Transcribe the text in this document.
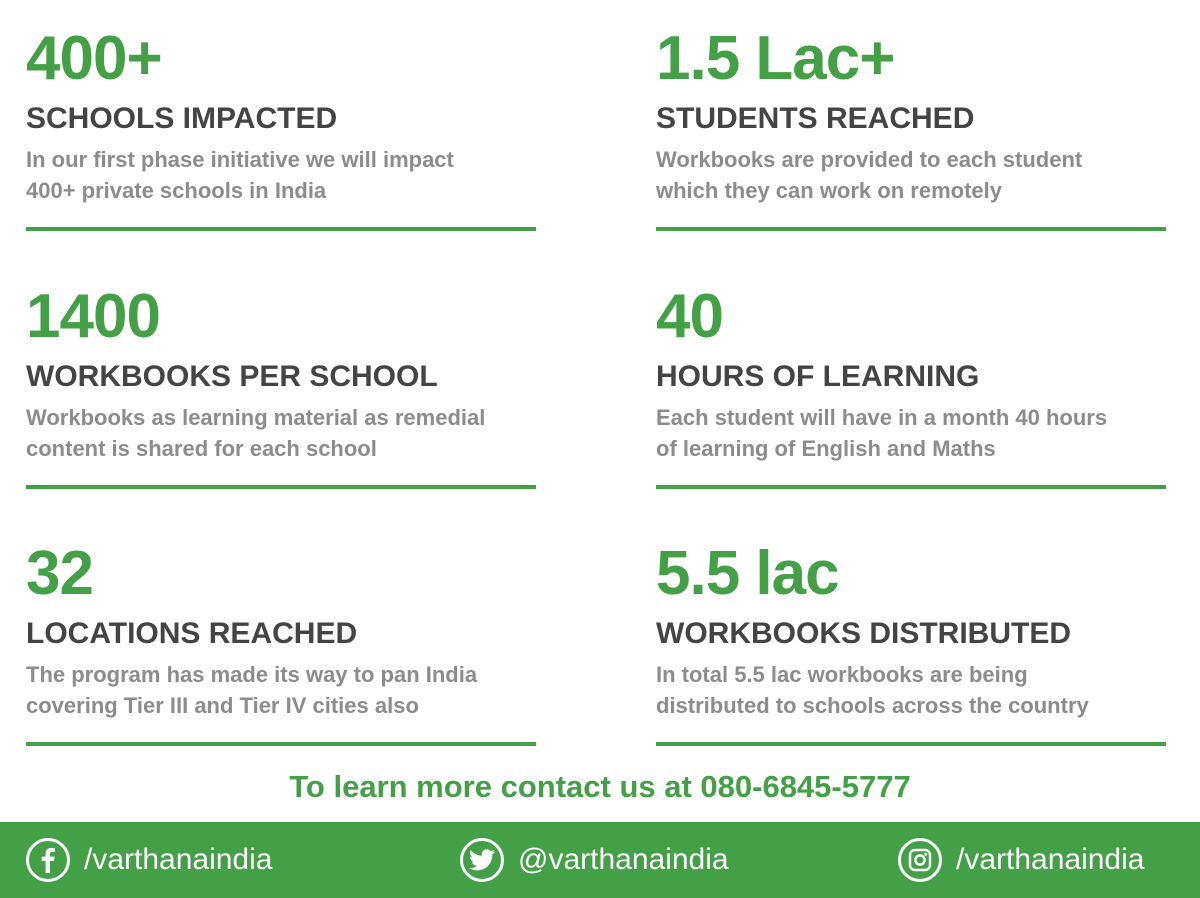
400+
SCHOOLS IMPACTED
In our first phase initiative we will impact
400+ private schools in India
1.5 Lac+
STUDENTS REACHED
Workbooks are provided to each student
which they can work on remotely
1400
WORKBOOKS PER SCHOOL
Workbooks as learning material as remedial
content is shared for each school
40
HOURS OF LEARNING
Each student will have in a month 40 hours
of learning of English and Maths
32
LOCATIONS REACHED
The program has made its way to pan India
covering Tier III and Tier IV cities also
5.5 lac
WORKBOOKS DISTRIBUTED
In total 5.5 lac workbooks are being
distributed to schools across the country
To learn more contact us at 080-6845-5777
/varthanaindia	@varthanaindia	/varthanaindia
